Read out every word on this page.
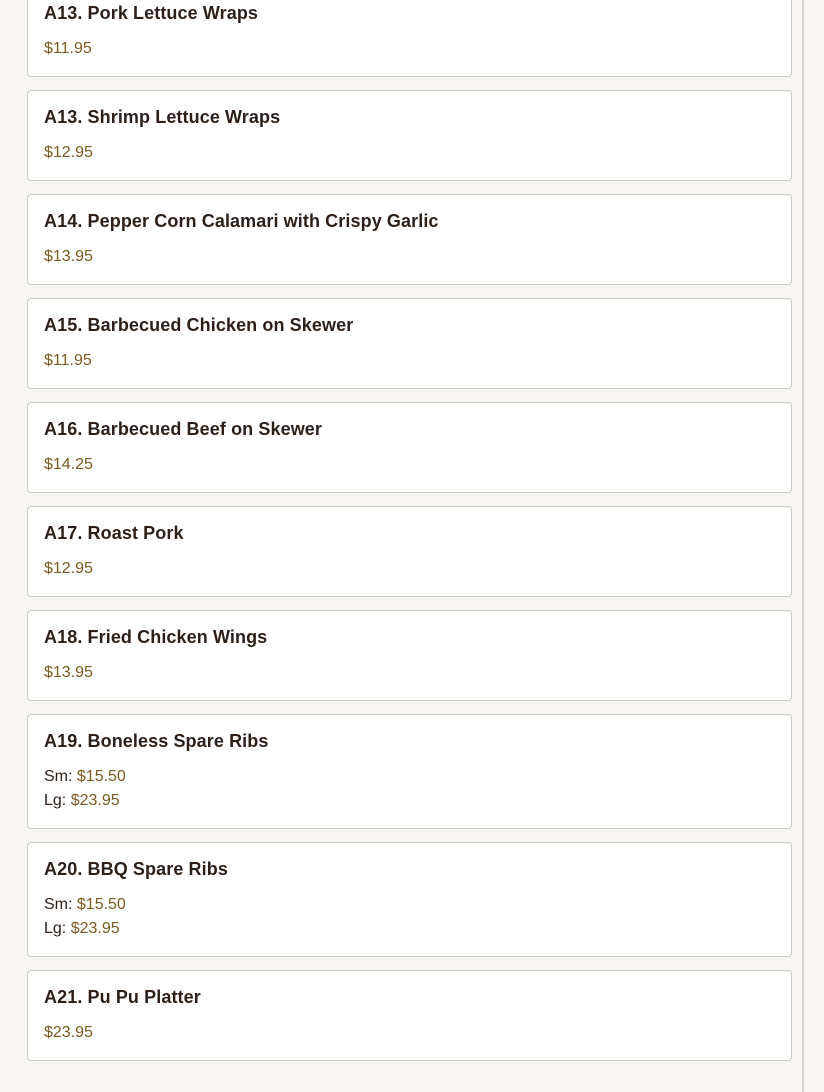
A13. Pork Lettuce Wraps
$11.95
A13. Shrimp Lettuce Wraps
$12.95
A14. Pepper Corn Calamari with Crispy Garlic
$13.95
A15. Barbecued Chicken on Skewer
$11.95
A16. Barbecued Beef on Skewer
$14.25
A17. Roast Pork
$12.95
A18. Fried Chicken Wings
$13.95
A19. Boneless Spare Ribs
Sm: $15.50
Lg: $23.95
A20. BBQ Spare Ribs
Sm: $15.50
Lg: $23.95
A21. Pu Pu Platter
$23.95
